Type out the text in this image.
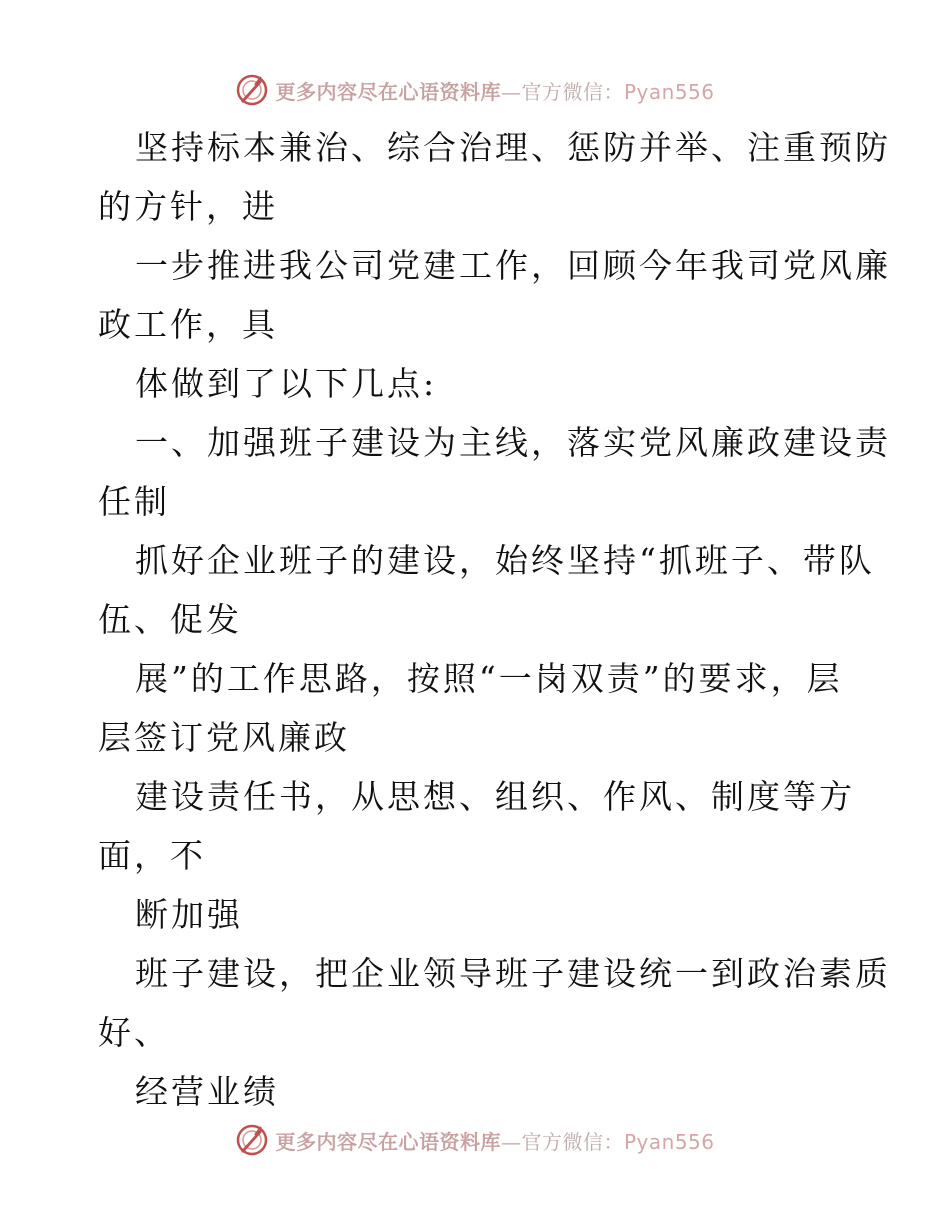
更多内容尽在心语资料库—官方微信：Pyan556
坚持标本兼治、综合治理、惩防并举、注重预防
的方针，进
一步推进我公司党建工作，回顾今年我司党风廉
政工作，具
体做到了以下几点:
一、加强班子建设为主线，落实党风廉政建设责
任制
抓好企业班子的建设，始终坚持“抓班子、带队
伍、促发
展”的工作思路，按照“一岗双责”的要求，层
层签订党风廉政
建设责任书，从思想、组织、作风、制度等方
面，不
断加强
班子建设，把企业领导班子建设统一到政治素质
好、
经营业绩
更多内容尽在心语资料库—官方微信：Pyan556
